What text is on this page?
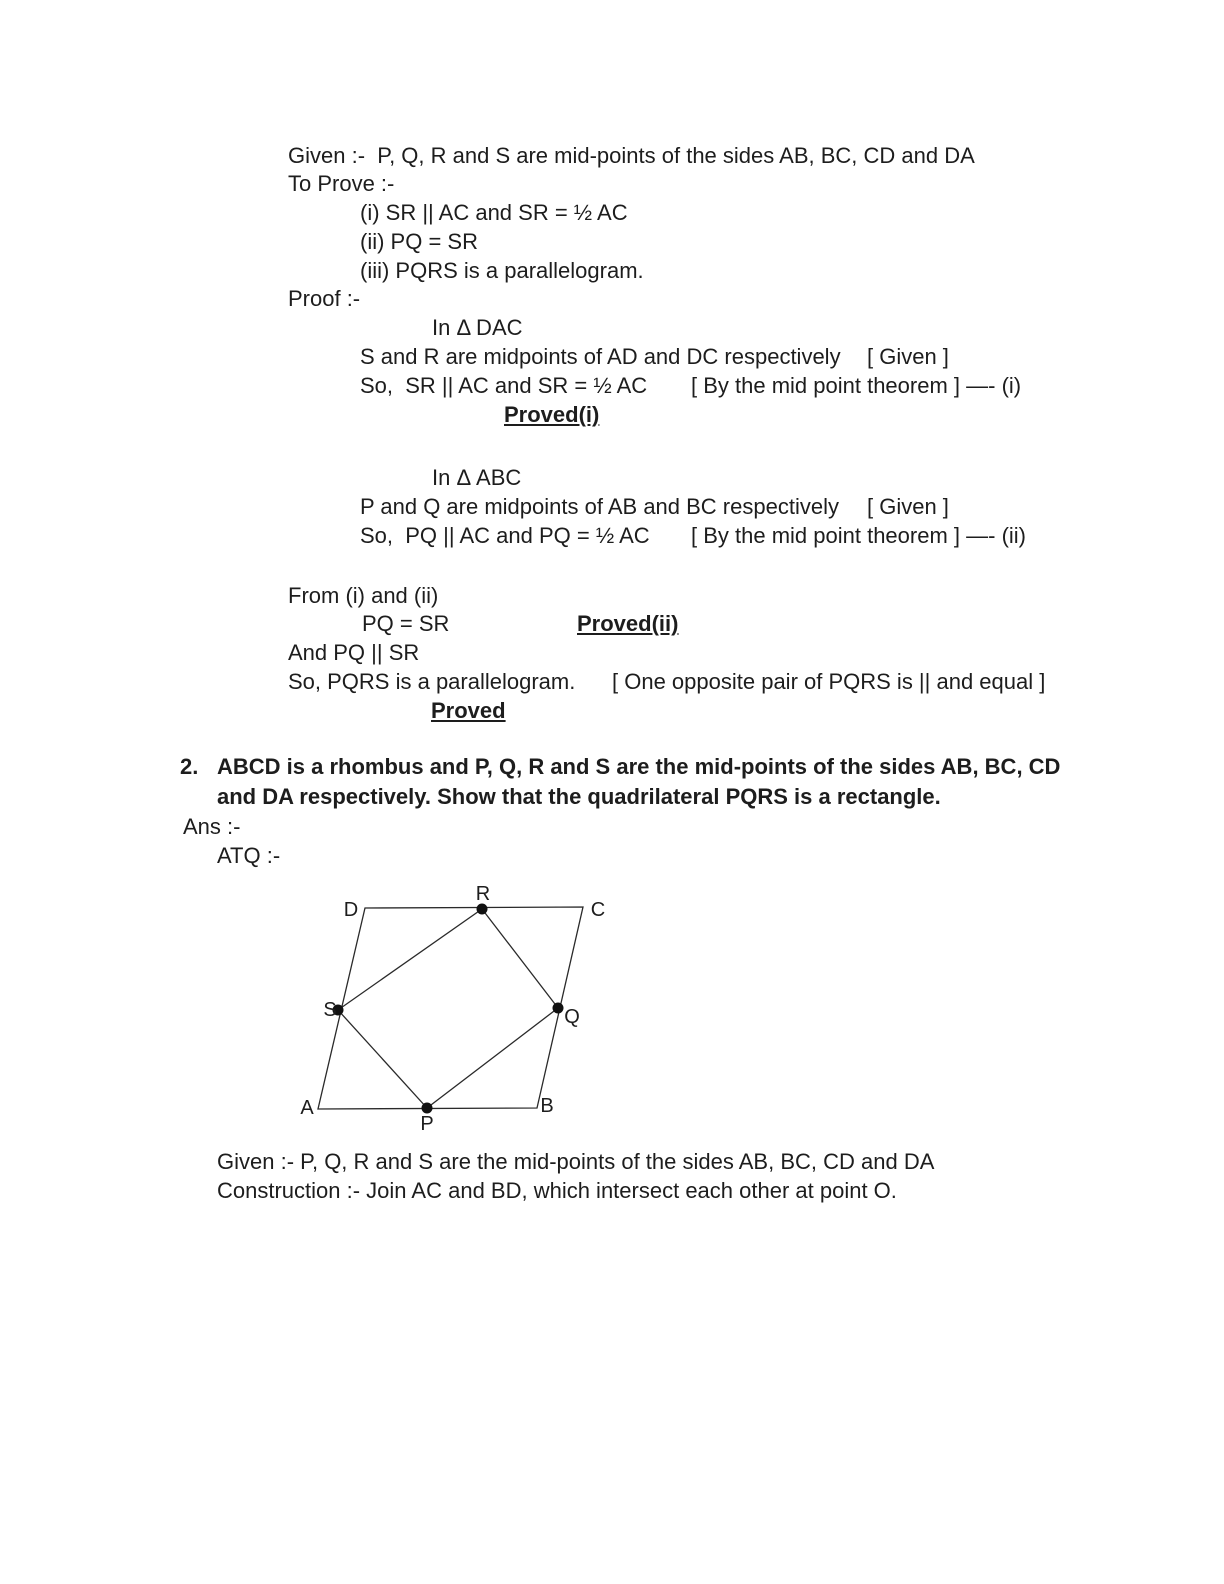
Given :-  P, Q, R and S are mid-points of the sides AB, BC, CD and DA
To Prove :-
(i) SR || AC and SR = ½ AC
(ii) PQ = SR
(iii) PQRS is a parallelogram.
Proof :-
In Δ DAC
S and R are midpoints of AD and DC respectively [ Given ]
So,  SR || AC and SR = ½ AC [ By the mid point theorem ] —- (i)
Proved(i)
In Δ ABC
P and Q are midpoints of AB and BC respectively [ Given ]
So,  PQ || AC and PQ = ½ AC [ By the mid point theorem ] —- (ii)
From (i) and (ii)
PQ = SR	Proved(ii)
And PQ || SR
So, PQRS is a parallelogram. [ One opposite pair of PQRS is || and equal ]
Proved
2. ABCD is a rhombus and P, Q, R and S are the mid-points of the sides AB, BC, CD
and DA respectively. Show that the quadrilateral PQRS is a rectangle.
Ans :-
ATQ :-
A	B
C
D
P
Q
R
S
Given :- P, Q, R and S are the mid-points of the sides AB, BC, CD and DA
Construction :- Join AC and BD, which intersect each other at point O.
